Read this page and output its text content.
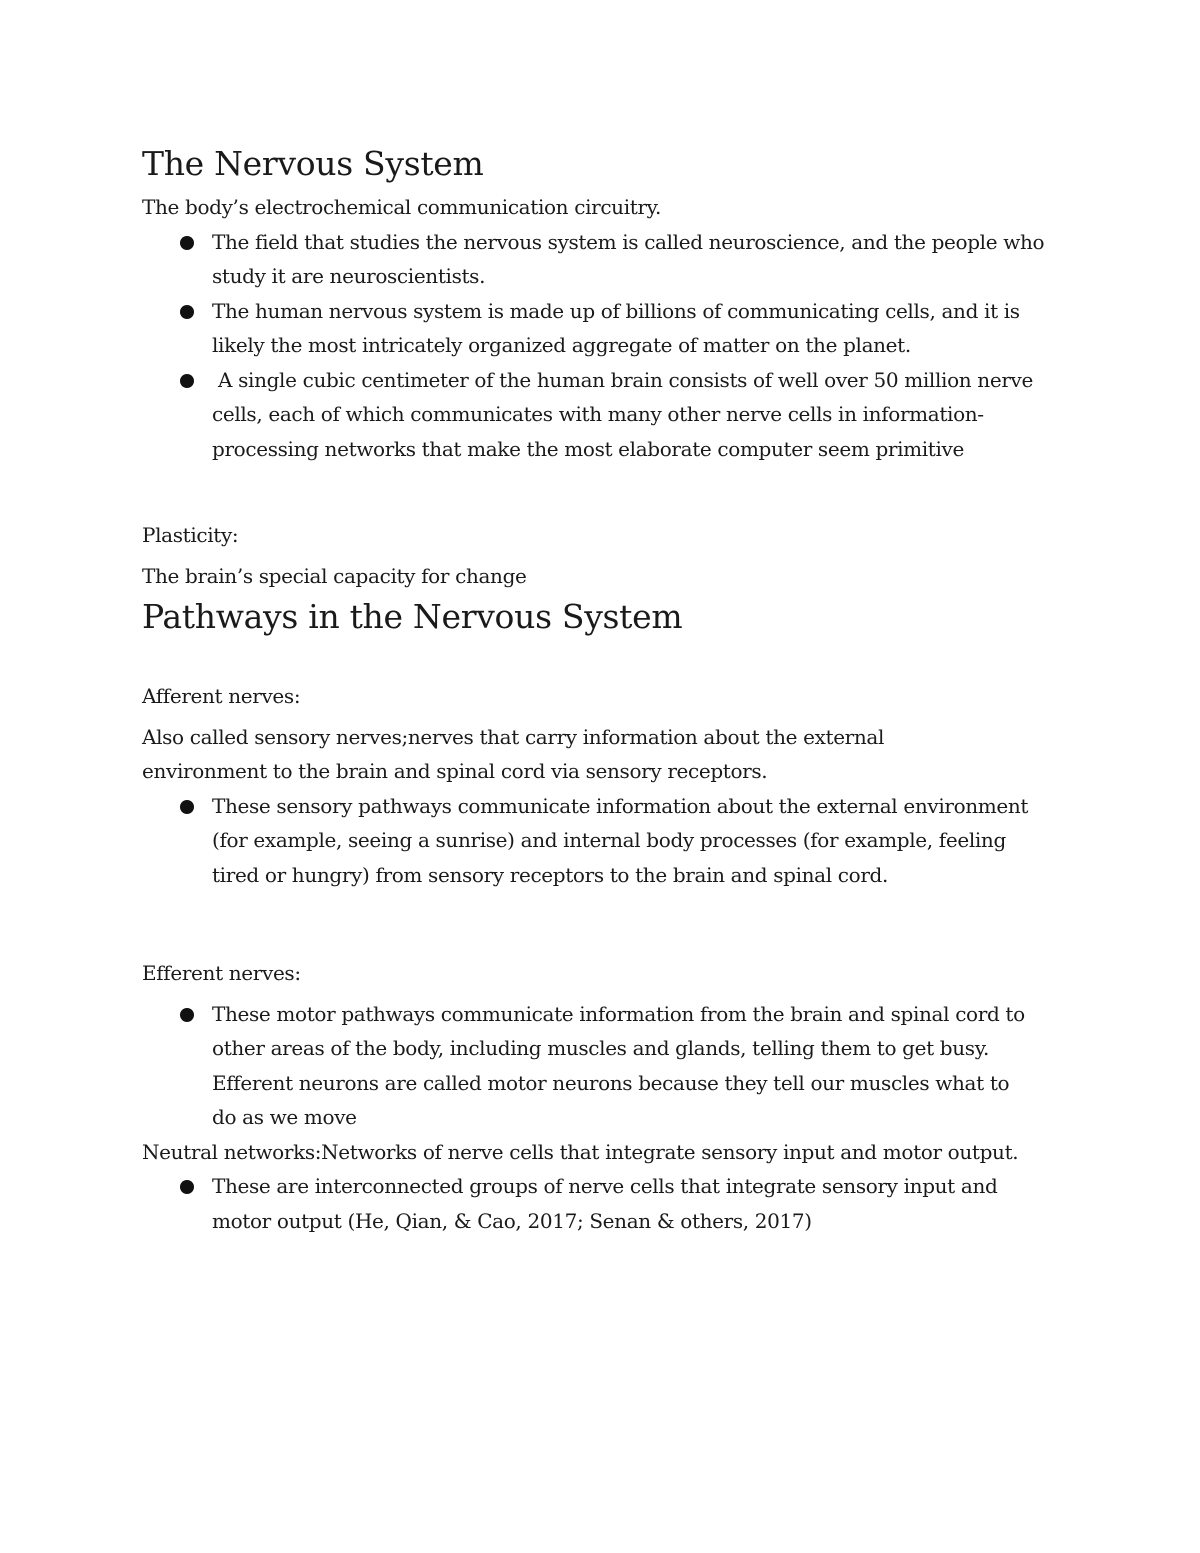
The Nervous System

The body’s electrochemical communication circuitry.

The field that studies the nervous system is called neuroscience, and the people who study it are neuroscientists.
The human nervous system is made up of billions of communicating cells, and it is likely the most intricately organized aggregate of matter on the planet.
A single cubic centimeter of the human brain consists of well over 50 million nerve cells, each of which communicates with many other nerve cells in information-processing networks that make the most elaborate computer seem primitive

Plasticity:

The brain’s special capacity for change

Pathways in the Nervous System

Afferent nerves:

Also called sensory nerves;nerves that carry information about the external environment to the brain and spinal cord via sensory receptors.

These sensory pathways communicate information about the external environment (for example, seeing a sunrise) and internal body processes (for example, feeling tired or hungry) from sensory receptors to the brain and spinal cord.

Efferent nerves:

These motor pathways communicate information from the brain and spinal cord to other areas of the body, including muscles and glands, telling them to get busy. Efferent neurons are called motor neurons because they tell our muscles what to do as we move

Neutral networks:Networks of nerve cells that integrate sensory input and motor output.

These are interconnected groups of nerve cells that integrate sensory input and motor output (He, Qian, & Cao, 2017; Senan & others, 2017)
